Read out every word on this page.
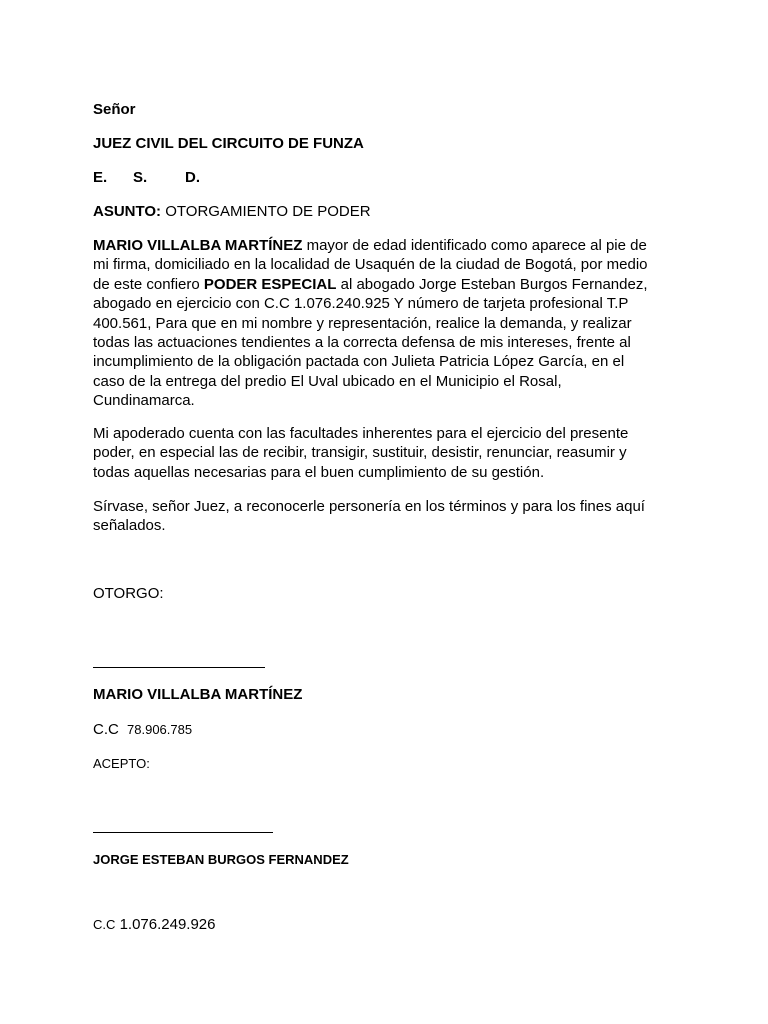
Señor
JUEZ CIVIL DEL CIRCUITO DE FUNZA
E. S.	D.
ASUNTO: OTORGAMIENTO DE PODER
MARIO VILLALBA MARTÍNEZ mayor de edad identificado como aparece al pie de
mi firma, domiciliado en la localidad de Usaquén de la ciudad de Bogotá, por medio
de este confiero PODER ESPECIAL al abogado Jorge Esteban Burgos Fernandez,
abogado en ejercicio con C.C 1.076.240.925 Y número de tarjeta profesional T.P
400.561, Para que en mi nombre y representación, realice la demanda, y realizar
todas las actuaciones tendientes a la correcta defensa de mis intereses, frente al
incumplimiento de la obligación pactada con Julieta Patricia López García, en el
caso de la entrega del predio El Uval ubicado en el Municipio el Rosal,
Cundinamarca.
Mi apoderado cuenta con las facultades inherentes para el ejercicio del presente
poder, en especial las de recibir, transigir, sustituir, desistir, renunciar, reasumir y
todas aquellas necesarias para el buen cumplimiento de su gestión.
Sírvase, señor Juez, a reconocerle personería en los términos y para los fines aquí
señalados.
OTORGO:
MARIO VILLALBA MARTÍNEZ
C.C 78.906.785
ACEPTO:
JORGE ESTEBAN BURGOS FERNANDEZ
C.C 1.076.249.926
